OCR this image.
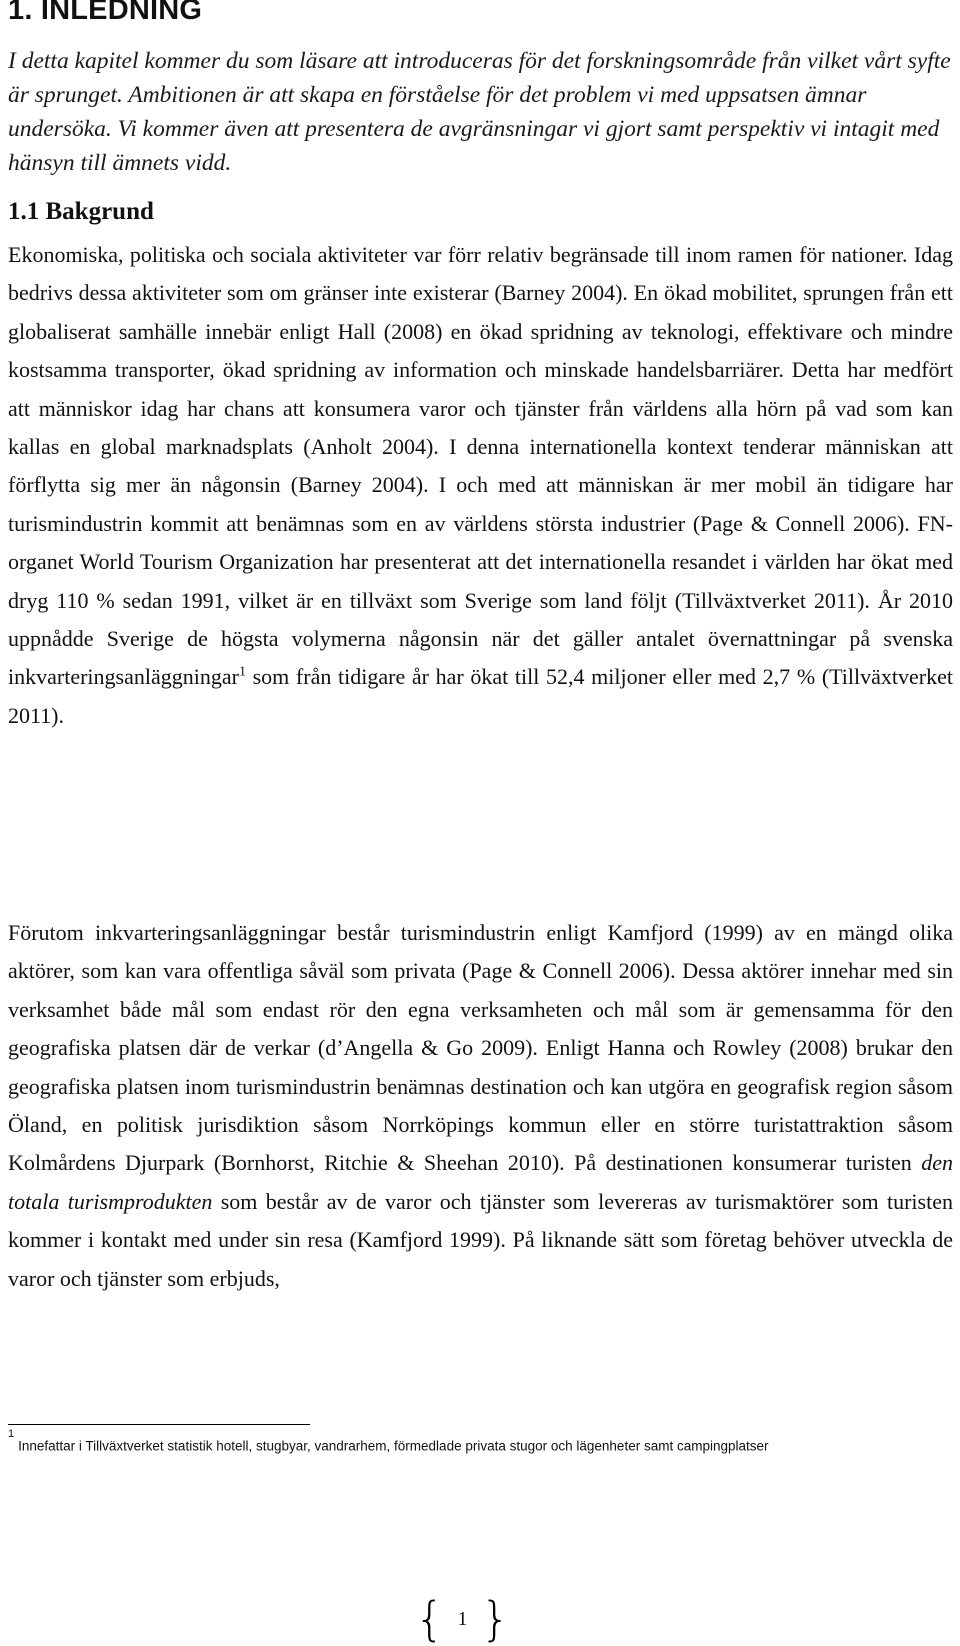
1. INLEDNING

I detta kapitel kommer du som läsare att introduceras för det forskningsområde från vilket vårt syfte är sprunget. Ambitionen är att skapa en förståelse för det problem vi med uppsatsen ämnar undersöka. Vi kommer även att presentera de avgränsningar vi gjort samt perspektiv vi intagit med hänsyn till ämnets vidd.

1.1 Bakgrund

Ekonomiska, politiska och sociala aktiviteter var förr relativ begränsade till inom ramen för nationer. Idag bedrivs dessa aktiviteter som om gränser inte existerar (Barney 2004). En ökad mobilitet, sprungen från ett globaliserat samhälle innebär enligt Hall (2008) en ökad spridning av teknologi, effektivare och mindre kostsamma transporter, ökad spridning av information och minskade handelsbarriärer. Detta har medfört att människor idag har chans att konsumera varor och tjänster från världens alla hörn på vad som kan kallas en global marknadsplats (Anholt 2004). I denna internationella kontext tenderar människan att förflytta sig mer än någonsin (Barney 2004). I och med att människan är mer mobil än tidigare har turismindustrin kommit att benämnas som en av världens största industrier (Page & Connell 2006). FN-organet World Tourism Organization har presenterat att det internationella resandet i världen har ökat med dryg 110 % sedan 1991, vilket är en tillväxt som Sverige som land följt (Tillväxtverket 2011). År 2010 uppnådde Sverige de högsta volymerna någonsin när det gäller antalet övernattningar på svenska inkvarteringsanläggningar$^1$ som från tidigare år har ökat till 52,4 miljoner eller med 2,7 % (Tillväxtverket 2011).

Förutom inkvarteringsanläggningar består turismindustrin enligt Kamfjord (1999) av en mängd olika aktörer, som kan vara offentliga såväl som privata (Page & Connell 2006). Dessa aktörer innehar med sin verksamhet både mål som endast rör den egna verksamheten och mål som är gemensamma för den geografiska platsen där de verkar (d’Angella & Go 2009). Enligt Hanna och Rowley (2008) brukar den geografiska platsen inom turismindustrin benämnas destination och kan utgöra en geografisk region såsom Öland, en politisk jurisdiktion såsom Norrköpings kommun eller en större turistattraktion såsom Kolmårdens Djurpark (Bornhorst, Ritchie & Sheehan 2010). På destinationen konsumerar turisten den totala turismprodukten som består av de varor och tjänster som levereras av turismaktörer som turisten kommer i kontakt med under sin resa (Kamfjord 1999). På liknande sätt som företag behöver utveckla de varor och tjänster som erbjuds,

{ 1 }

$^1$Innefattar i Tillväxtverket statistik hotell, stugbyar, vandrarhem, förmedlade privata stugor och lägenheter samt campingplatser
